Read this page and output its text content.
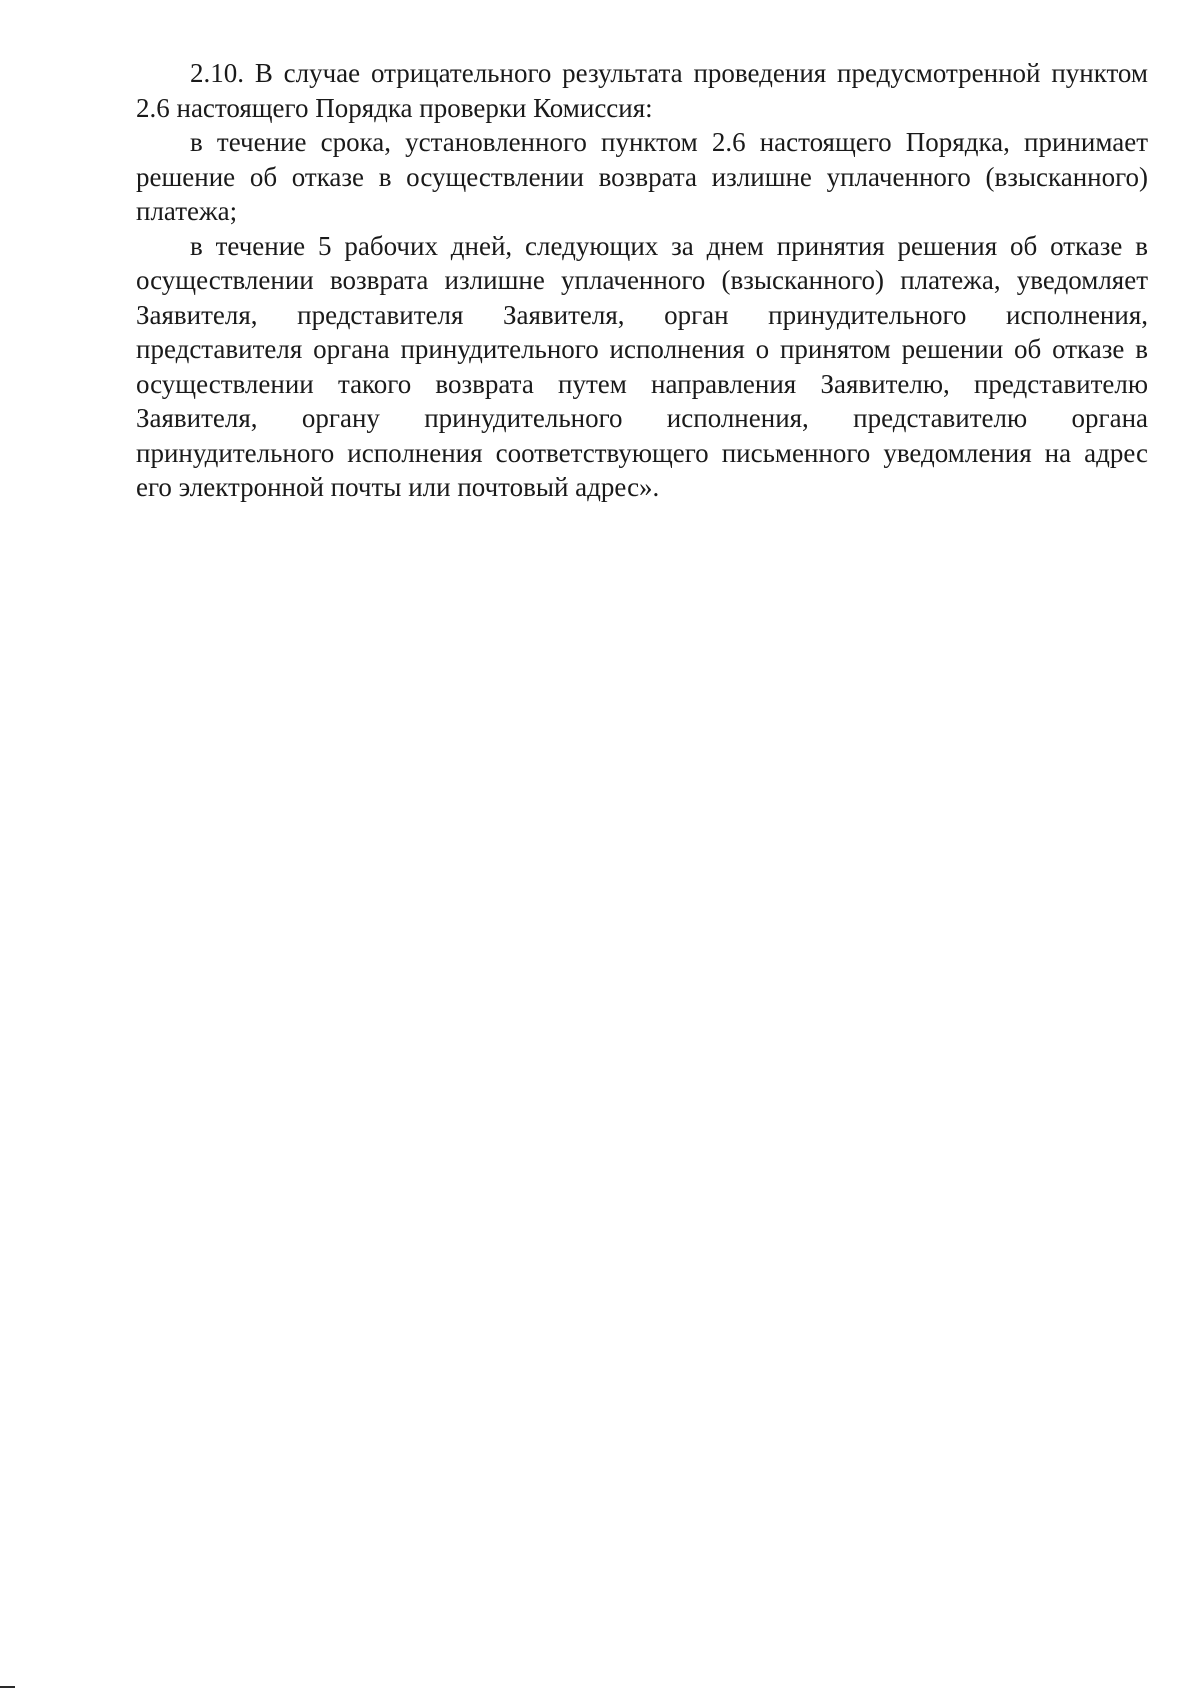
2.10. В случае отрицательного результата проведения предусмотренной пунктом 2.6 настоящего Порядка проверки Комиссия:

в течение срока, установленного пунктом 2.6 настоящего Порядка, принимает решение об отказе в осуществлении возврата излишне уплаченного (взысканного) платежа;

в течение 5 рабочих дней, следующих за днем принятия решения об отказе в осуществлении возврата излишне уплаченного (взысканного) платежа, уведомляет Заявителя, представителя Заявителя, орган принудительного исполнения, представителя органа принудительного исполнения о принятом решении об отказе в осуществлении такого возврата путем направления Заявителю, представителю Заявителя, органу принудительного исполнения, представителю органа принудительного исполнения соответствующего письменного уведомления на адрес его электронной почты или почтовый адрес».
